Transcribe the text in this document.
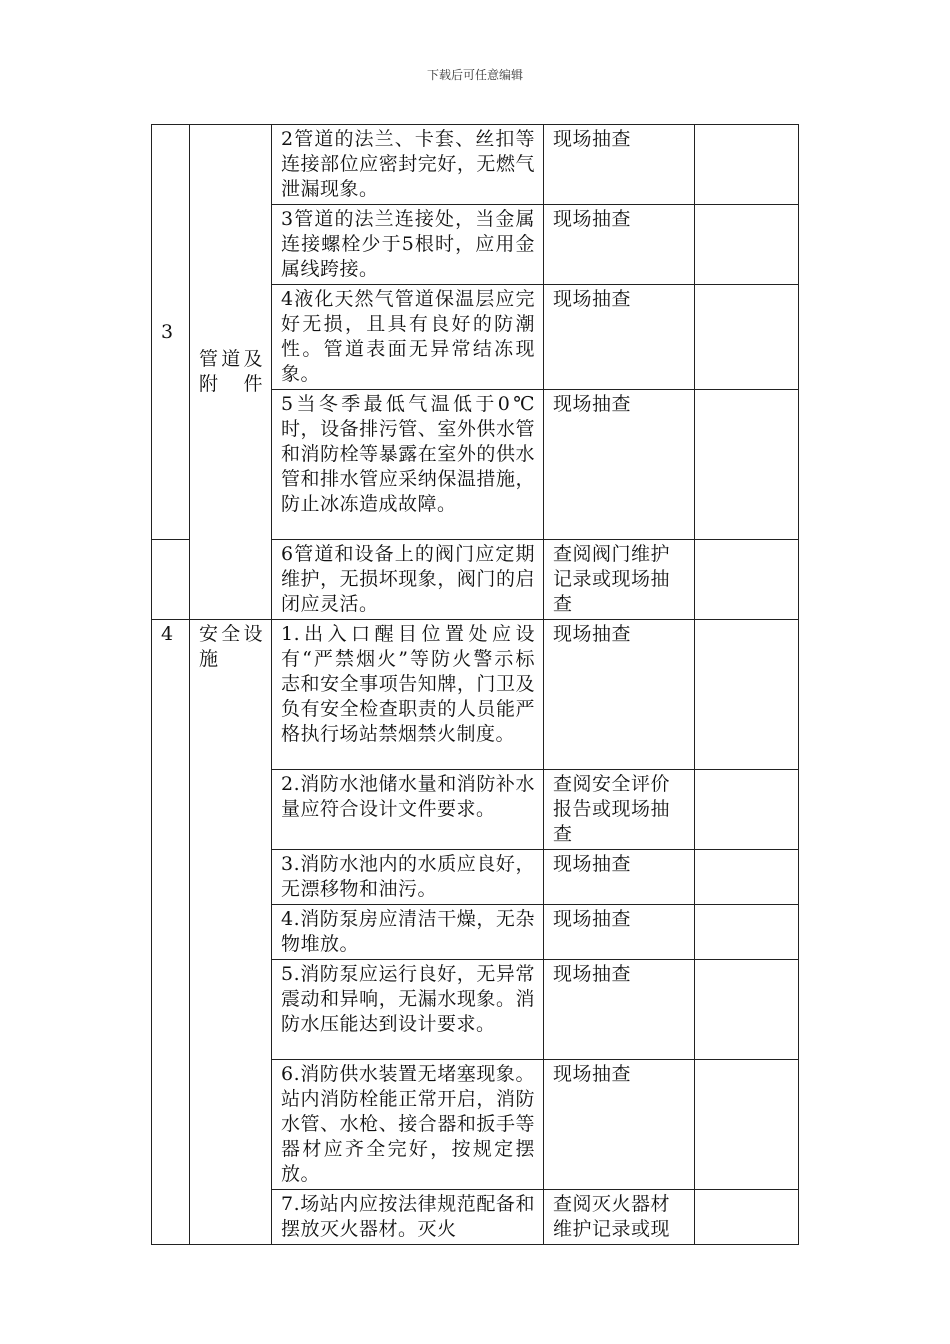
下载后可任意编辑
3	管道及附件	2管道的法兰、卡套、丝扣等连接部位应密封完好，无燃气泄漏现象。	现场抽查	
		3管道的法兰连接处，当金属连接螺栓少于5根时，应用金属线跨接。	现场抽查	
		4液化天然气管道保温层应完好无损，且具有良好的防潮性。管道表面无异常结冻现象。	现场抽查	
		5当冬季最低气温低于0℃时，设备排污管、室外供水管和消防栓等暴露在室外的供水管和排水管应采纳保温措施，防止冰冻造成故障。	现场抽查	
		6管道和设备上的阀门应定期维护，无损坏现象，阀门的启闭应灵活。	查阅阀门维护记录或现场抽查	
4	安全设施	1.出入口醒目位置处应设有“严禁烟火”等防火警示标志和安全事项告知牌，门卫及负有安全检查职责的人员能严格执行场站禁烟禁火制度。	现场抽查	
		2.消防水池储水量和消防补水量应符合设计文件要求。	查阅安全评价报告或现场抽查	
		3.消防水池内的水质应良好，无漂移物和油污。	现场抽查	
		4.消防泵房应清洁干燥，无杂物堆放。	现场抽查	
		5.消防泵应运行良好，无异常震动和异响，无漏水现象。消防水压能达到设计要求。	现场抽查	
		6.消防供水装置无堵塞现象。站内消防栓能正常开启，消防水管、水枪、接合器和扳手等器材应齐全完好，按规定摆放。	现场抽查	
		7.场站内应按法律规范配备和摆放灭火器材。灭火	查阅灭火器材维护记录或现	
